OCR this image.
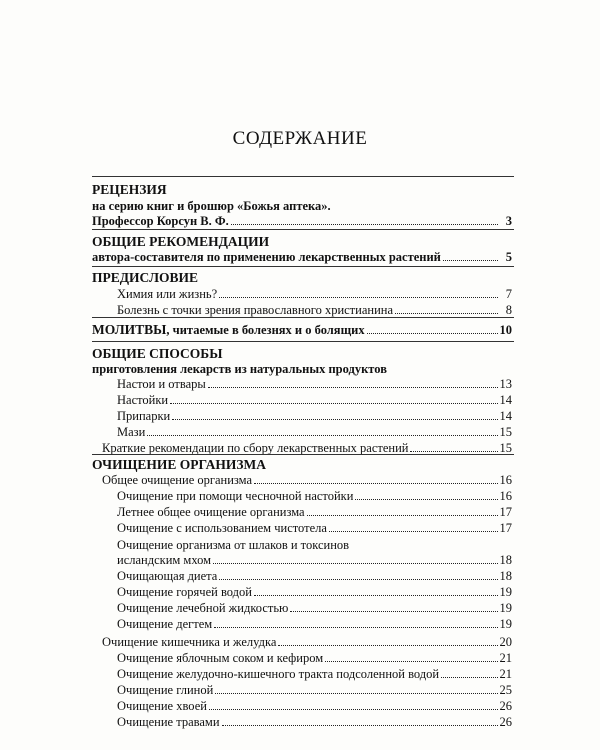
СОДЕРЖАНИЕ
РЕЦЕНЗИЯ
на серию книг и брошюр «Божья аптека».
Профессор Корсун В. Ф.	3
ОБЩИЕ РЕКОМЕНДАЦИИ
автора-составителя по применению лекарственных растений	5
ПРЕДИСЛОВИЕ
Химия или жизнь?	7
Болезнь с точки зрения православного христианина	8
МОЛИТВЫ, читаемые в болезнях и о болящих	10
ОБЩИЕ СПОСОБЫ
приготовления лекарств из натуральных продуктов
Настои и отвары	13
Настойки	14
Припарки	14
Мази	15
Краткие рекомендации по сбору лекарственных растений	15
ОЧИЩЕНИЕ ОРГАНИЗМА
Общее очищение организма	16
Очищение при помощи чесночной настойки	16
Летнее общее очищение организма	17
Очищение с использованием чистотела	17
Очищение организма от шлаков и токсинов
исландским мхом	18
Очищающая диета	18
Очищение горячей водой	19
Очищение лечебной жидкостью	19
Очищение дегтем	19
Очищение кишечника и желудка	20
Очищение яблочным соком и кефиром	21
Очищение желудочно-кишечного тракта подсоленной водой	21
Очищение глиной	25
Очищение хвоей	26
Очищение травами	26
